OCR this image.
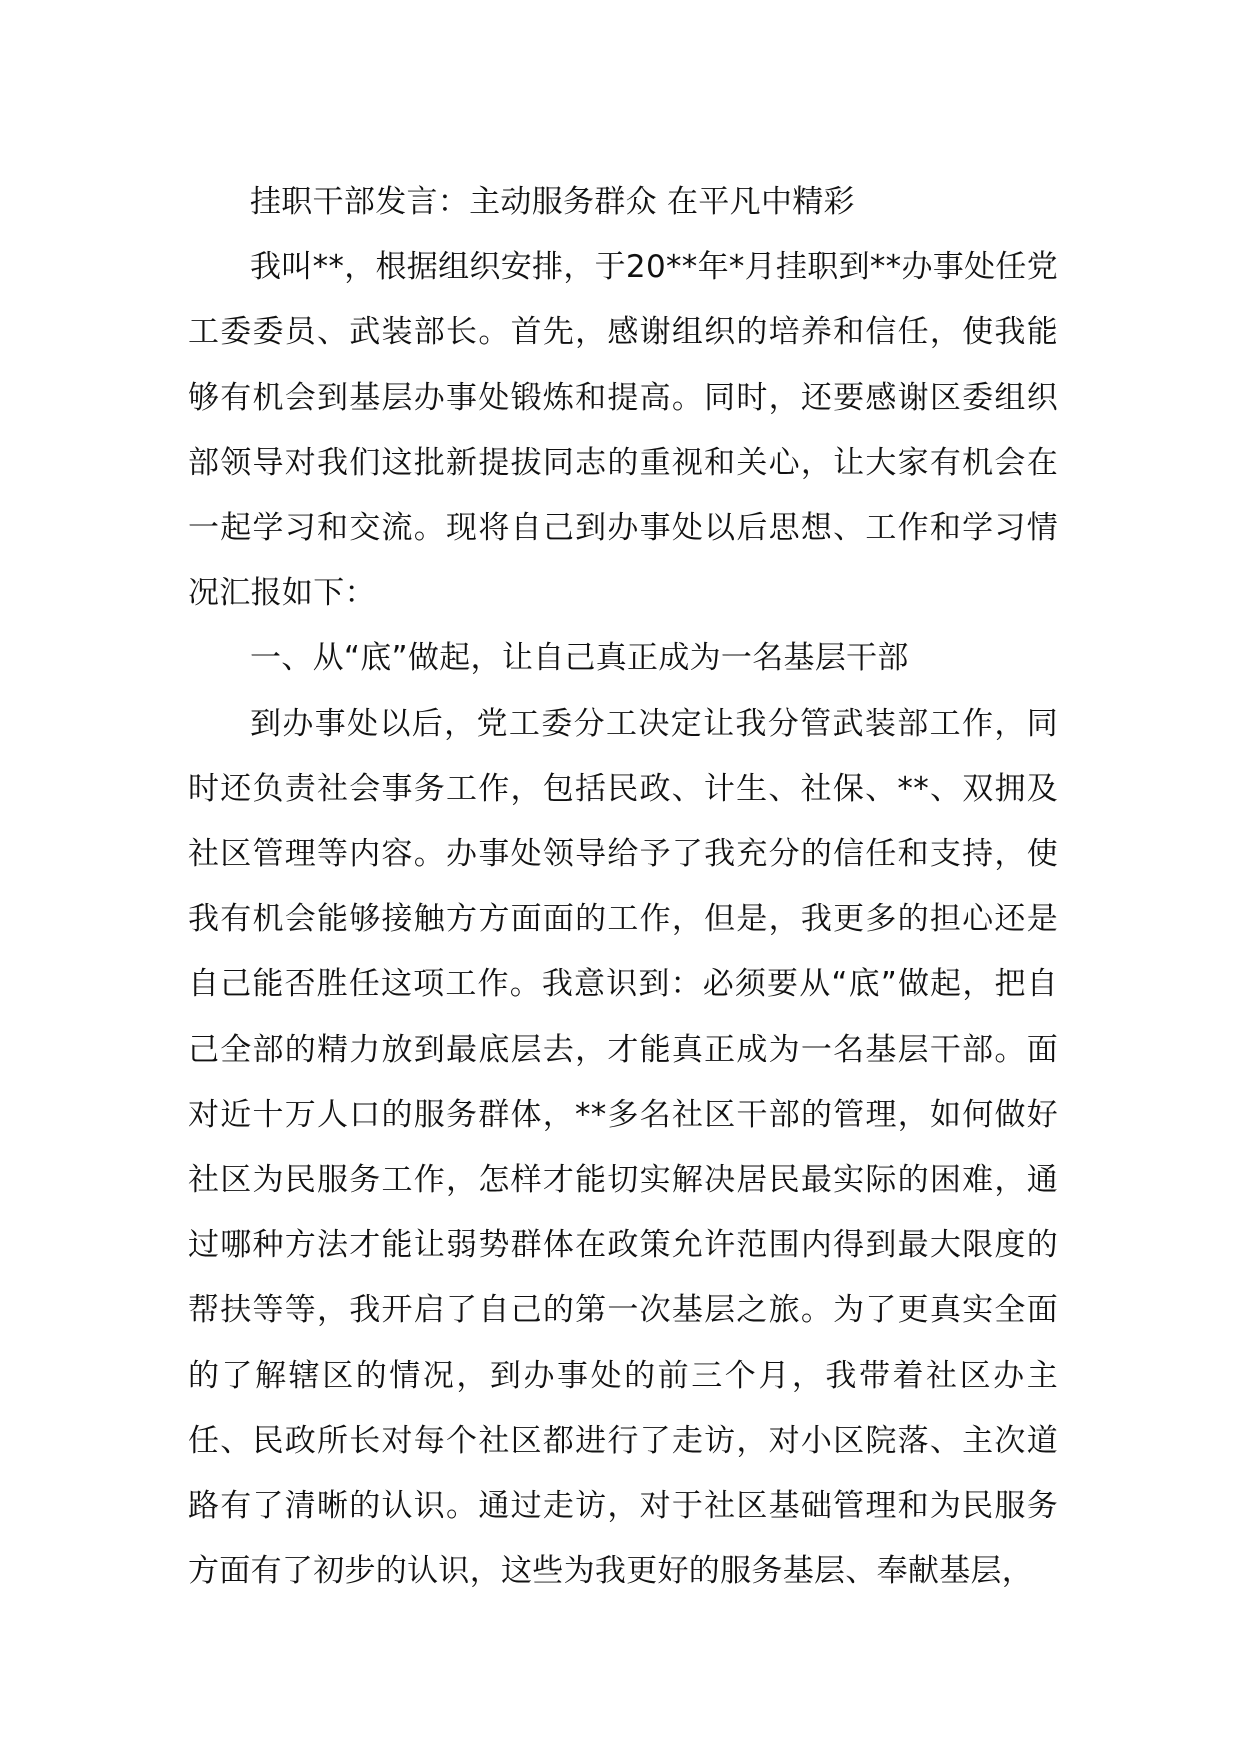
挂职干部发言：主动服务群众 在平凡中精彩

我叫**，根据组织安排，于20**年*月挂职到**办事处任党工委委员、武装部长。首先，感谢组织的培养和信任，使我能够有机会到基层办事处锻炼和提高。同时，还要感谢区委组织部领导对我们这批新提拔同志的重视和关心，让大家有机会在一起学习和交流。现将自己到办事处以后思想、工作和学习情况汇报如下：

一、从“底”做起，让自己真正成为一名基层干部

到办事处以后，党工委分工决定让我分管武装部工作，同时还负责社会事务工作，包括民政、计生、社保、**、双拥及社区管理等内容。办事处领导给予了我充分的信任和支持，使我有机会能够接触方方面面的工作，但是，我更多的担心还是自己能否胜任这项工作。我意识到：必须要从“底”做起，把自己全部的精力放到最底层去，才能真正成为一名基层干部。面对近十万人口的服务群体，**多名社区干部的管理，如何做好社区为民服务工作，怎样才能切实解决居民最实际的困难，通过哪种方法才能让弱势群体在政策允许范围内得到最大限度的帮扶等等，我开启了自己的第一次基层之旅。为了更真实全面的了解辖区的情况，到办事处的前三个月，我带着社区办主任、民政所长对每个社区都进行了走访，对小区院落、主次道路有了清晰的认识。通过走访，对于社区基础管理和为民服务方面有了初步的认识，这些为我更好的服务基层、奉献基层，
